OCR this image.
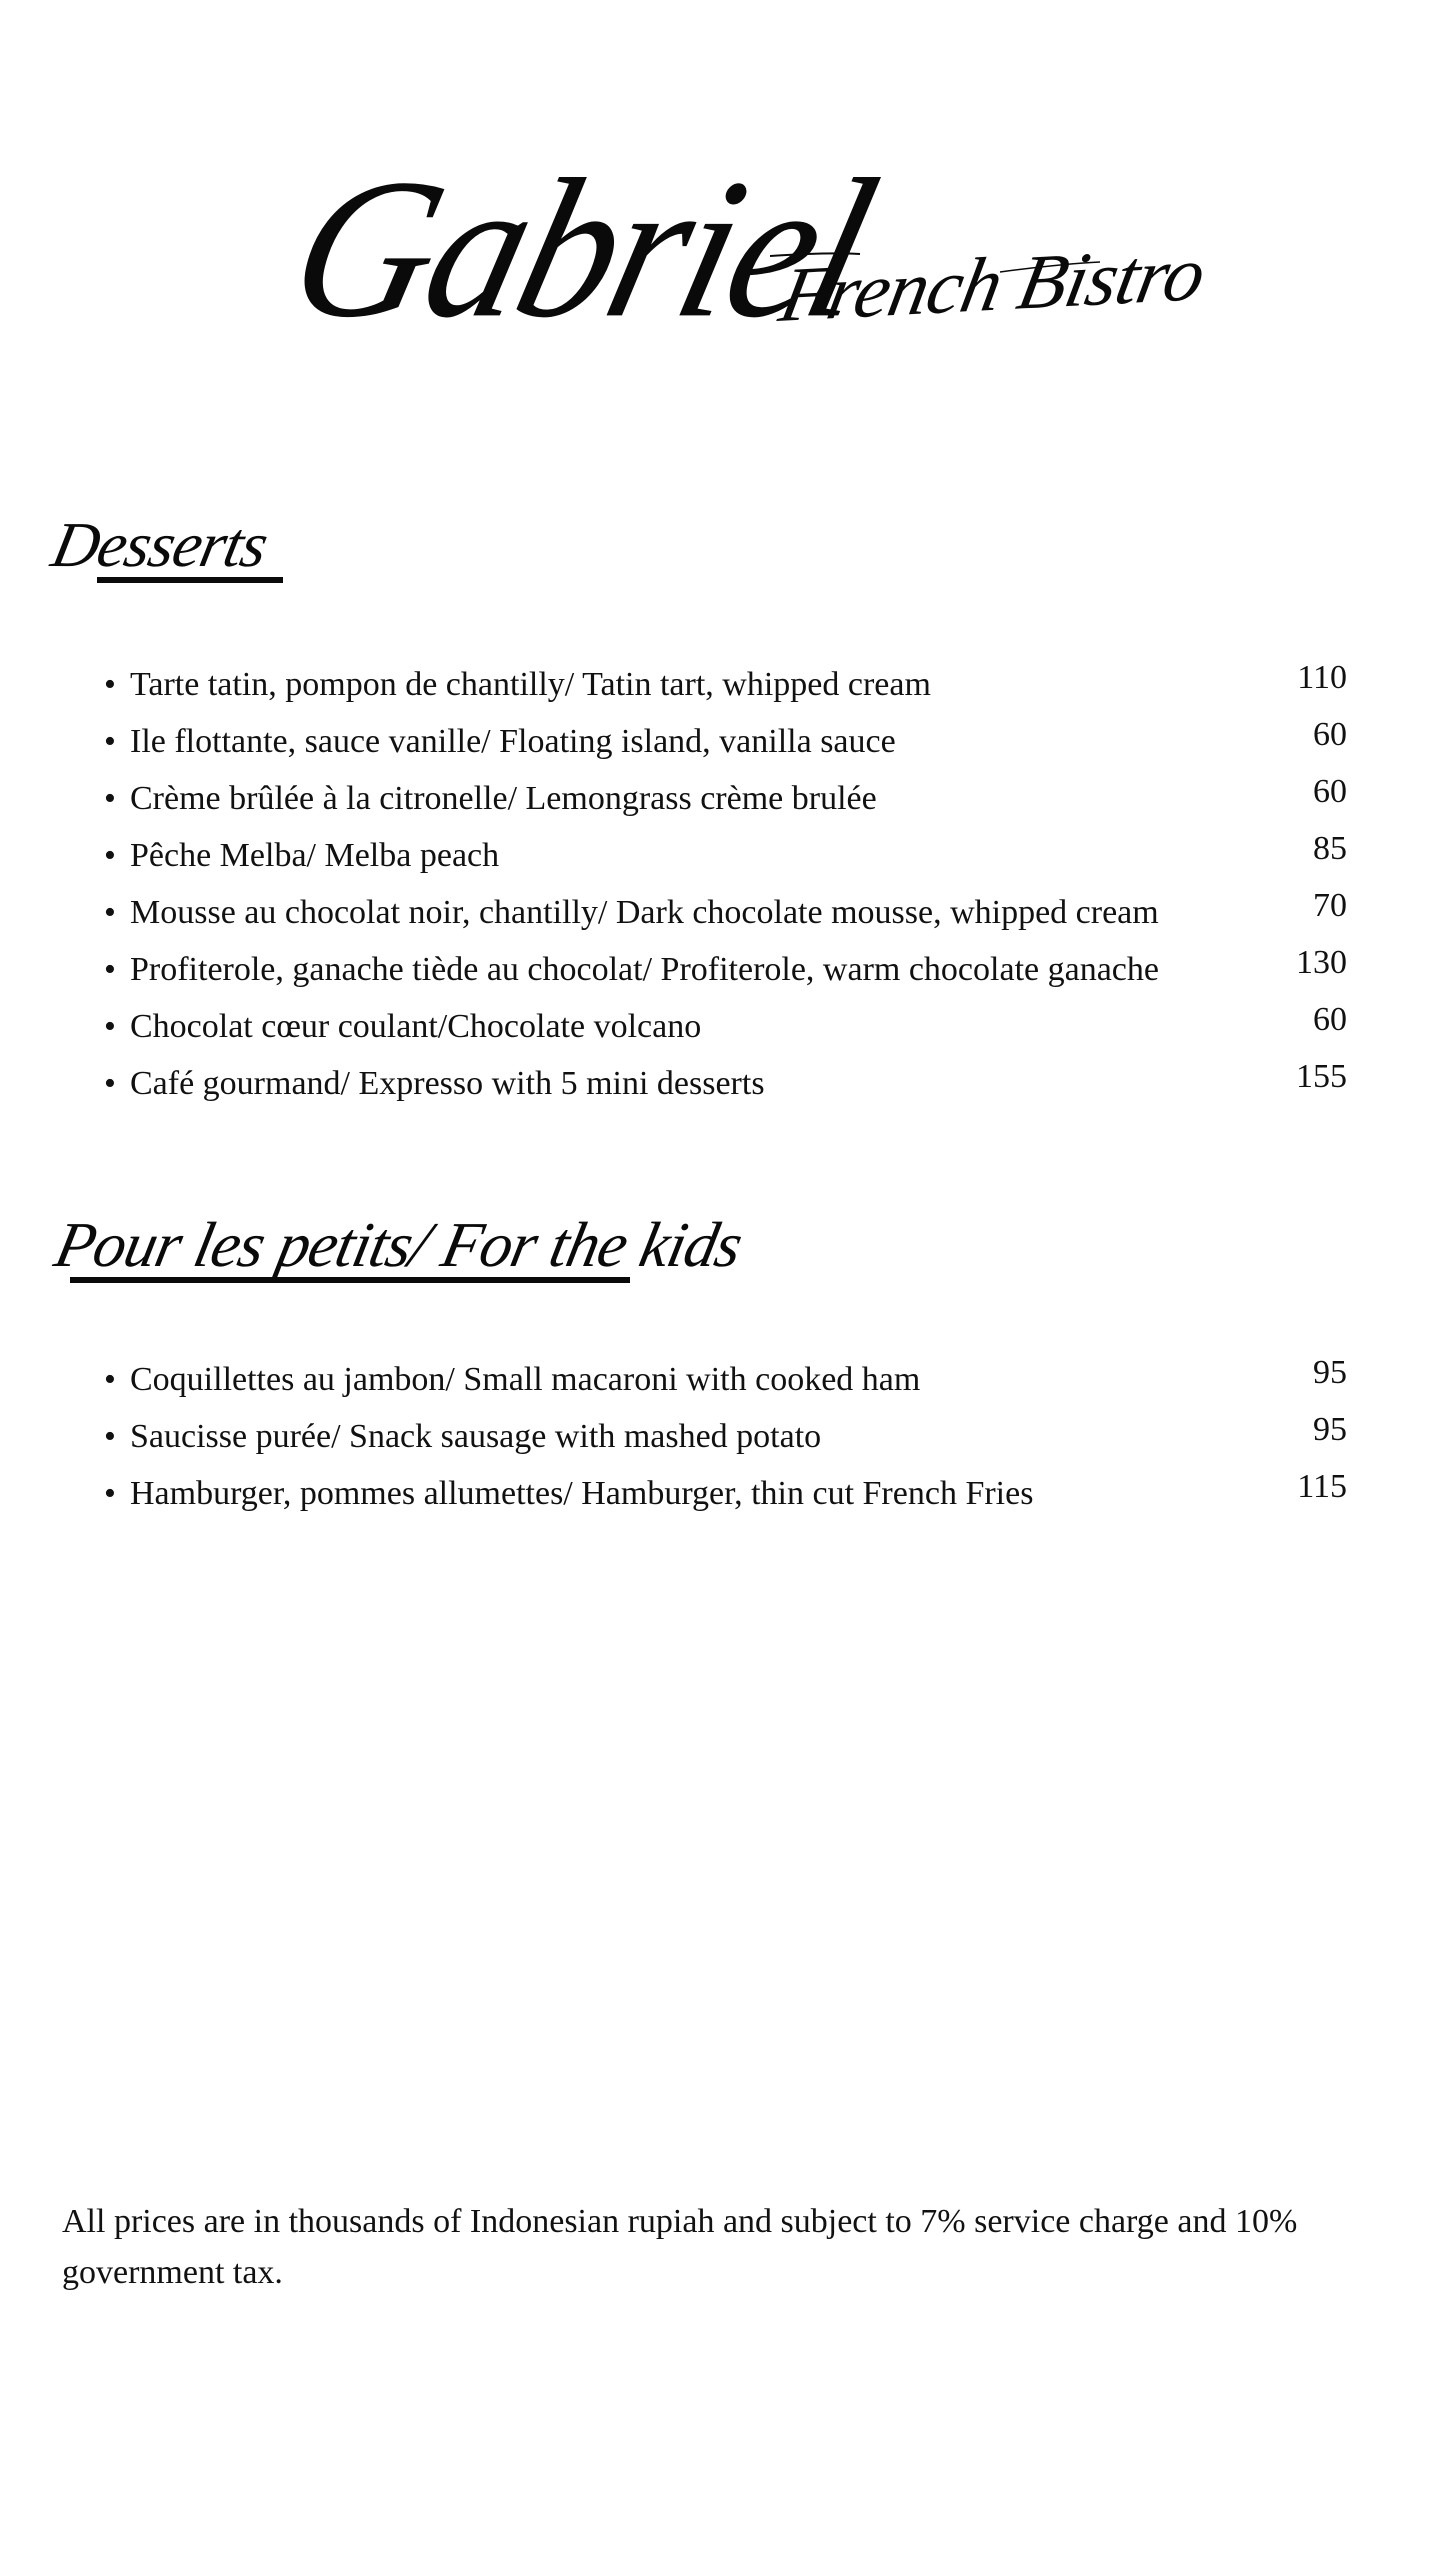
Gabriel
French Bistro
Desserts
• Tarte tatin, pompon de chantilly/ Tatin tart, whipped cream	110
• Ile flottante, sauce vanille/ Floating island, vanilla sauce	60
• Crème brûlée à la citronelle/ Lemongrass crème brulée	60
• Pêche Melba/ Melba peach	85
• Mousse au chocolat noir, chantilly/ Dark chocolate mousse, whipped cream	70
• Profiterole, ganache tiède au chocolat/ Profiterole, warm chocolate ganache	130
• Chocolat cœur coulant/Chocolate volcano	60
• Café gourmand/ Expresso with 5 mini desserts	155
Pour les petits/ For the kids
• Coquillettes au jambon/ Small macaroni with cooked ham	95
• Saucisse purée/ Snack sausage with mashed potato	95
• Hamburger, pommes allumettes/ Hamburger, thin cut French Fries	115

All prices are in thousands of Indonesian rupiah and subject to 7% service charge and 10% government tax.
